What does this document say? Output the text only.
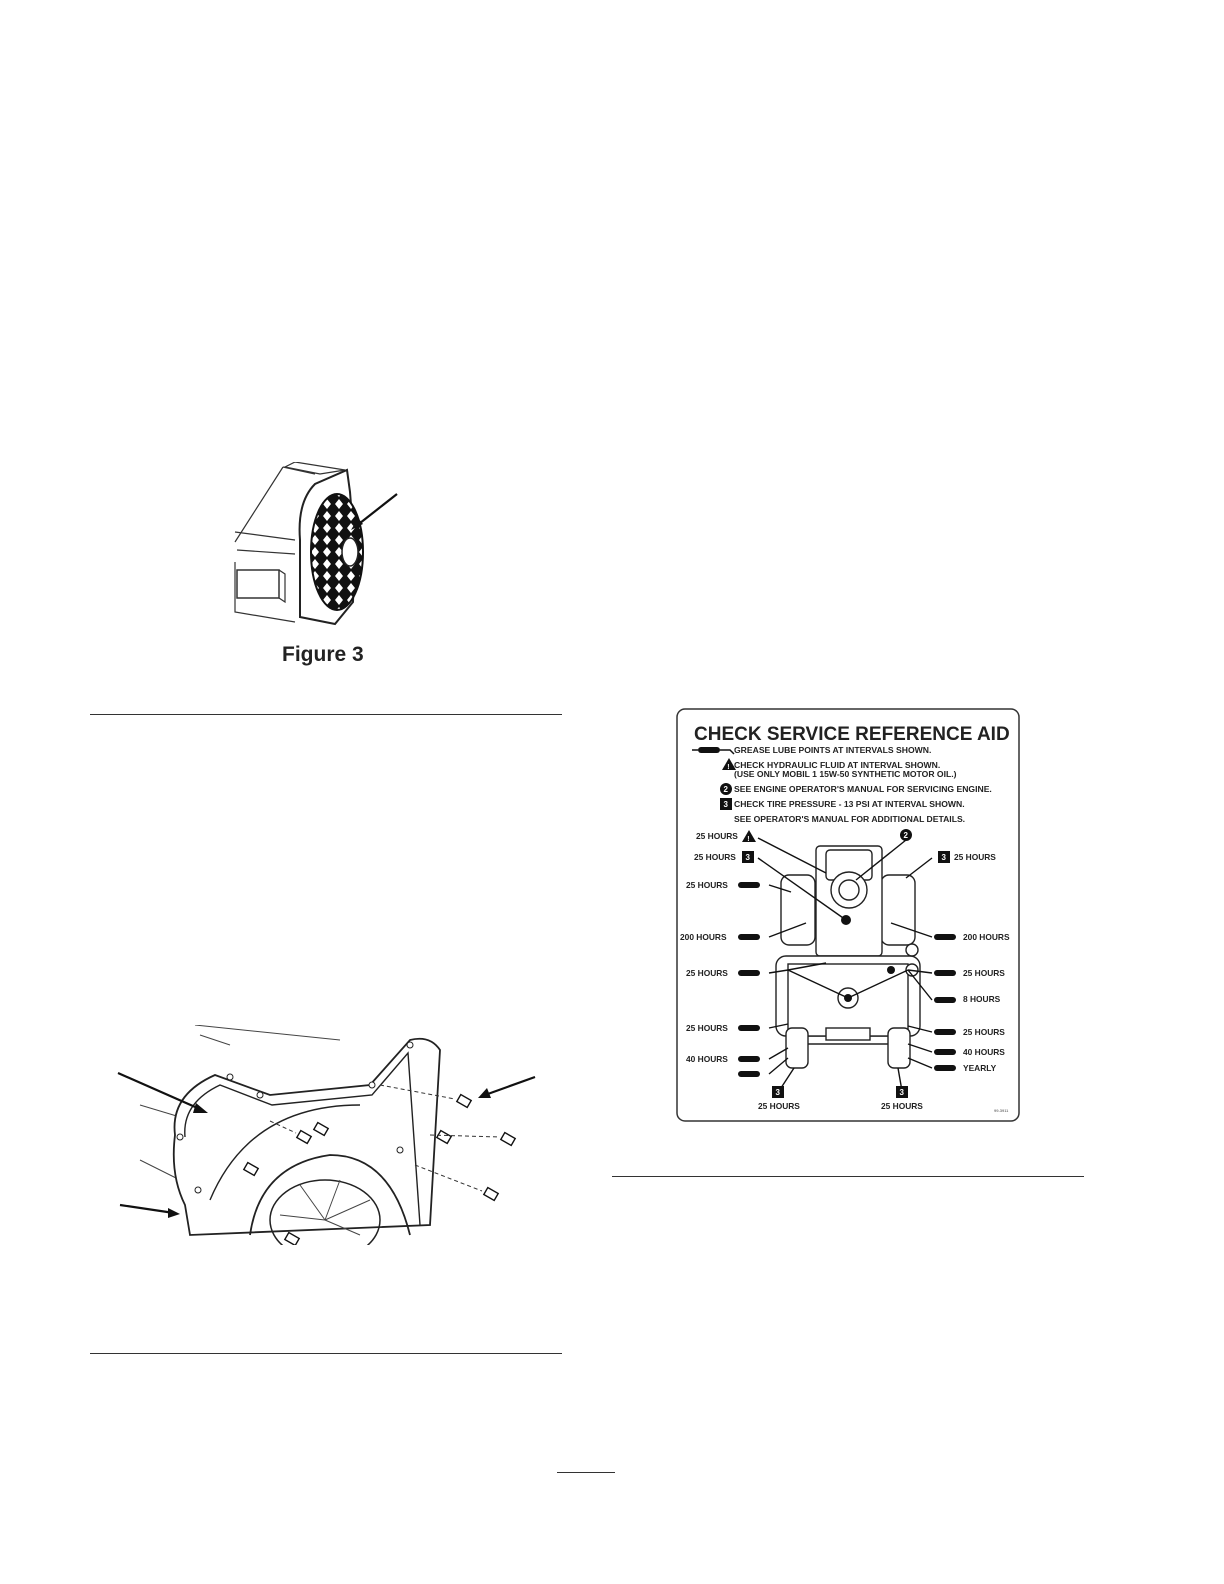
Figure 3
CHECK SERVICE REFERENCE AID
!
2
3
GREASE LUBE POINTS AT INTERVALS SHOWN.
CHECK HYDRAULIC FLUID AT INTERVAL SHOWN.
(USE ONLY MOBIL 1 15W-50 SYNTHETIC MOTOR OIL.)
SEE ENGINE OPERATOR'S MANUAL FOR SERVICING ENGINE.
CHECK TIRE PRESSURE - 13 PSI AT INTERVAL SHOWN.
SEE OPERATOR'S MANUAL FOR ADDITIONAL DETAILS.
!
3	3
2
3	3
25 HOURS
25 HOURS
25 HOURS
200 HOURS
25 HOURS
25 HOURS
40 HOURS
25 HOURS
200 HOURS
25 HOURS
8 HOURS
25 HOURS
40 HOURS
YEARLY
25 HOURS	25 HOURS	99-3911
